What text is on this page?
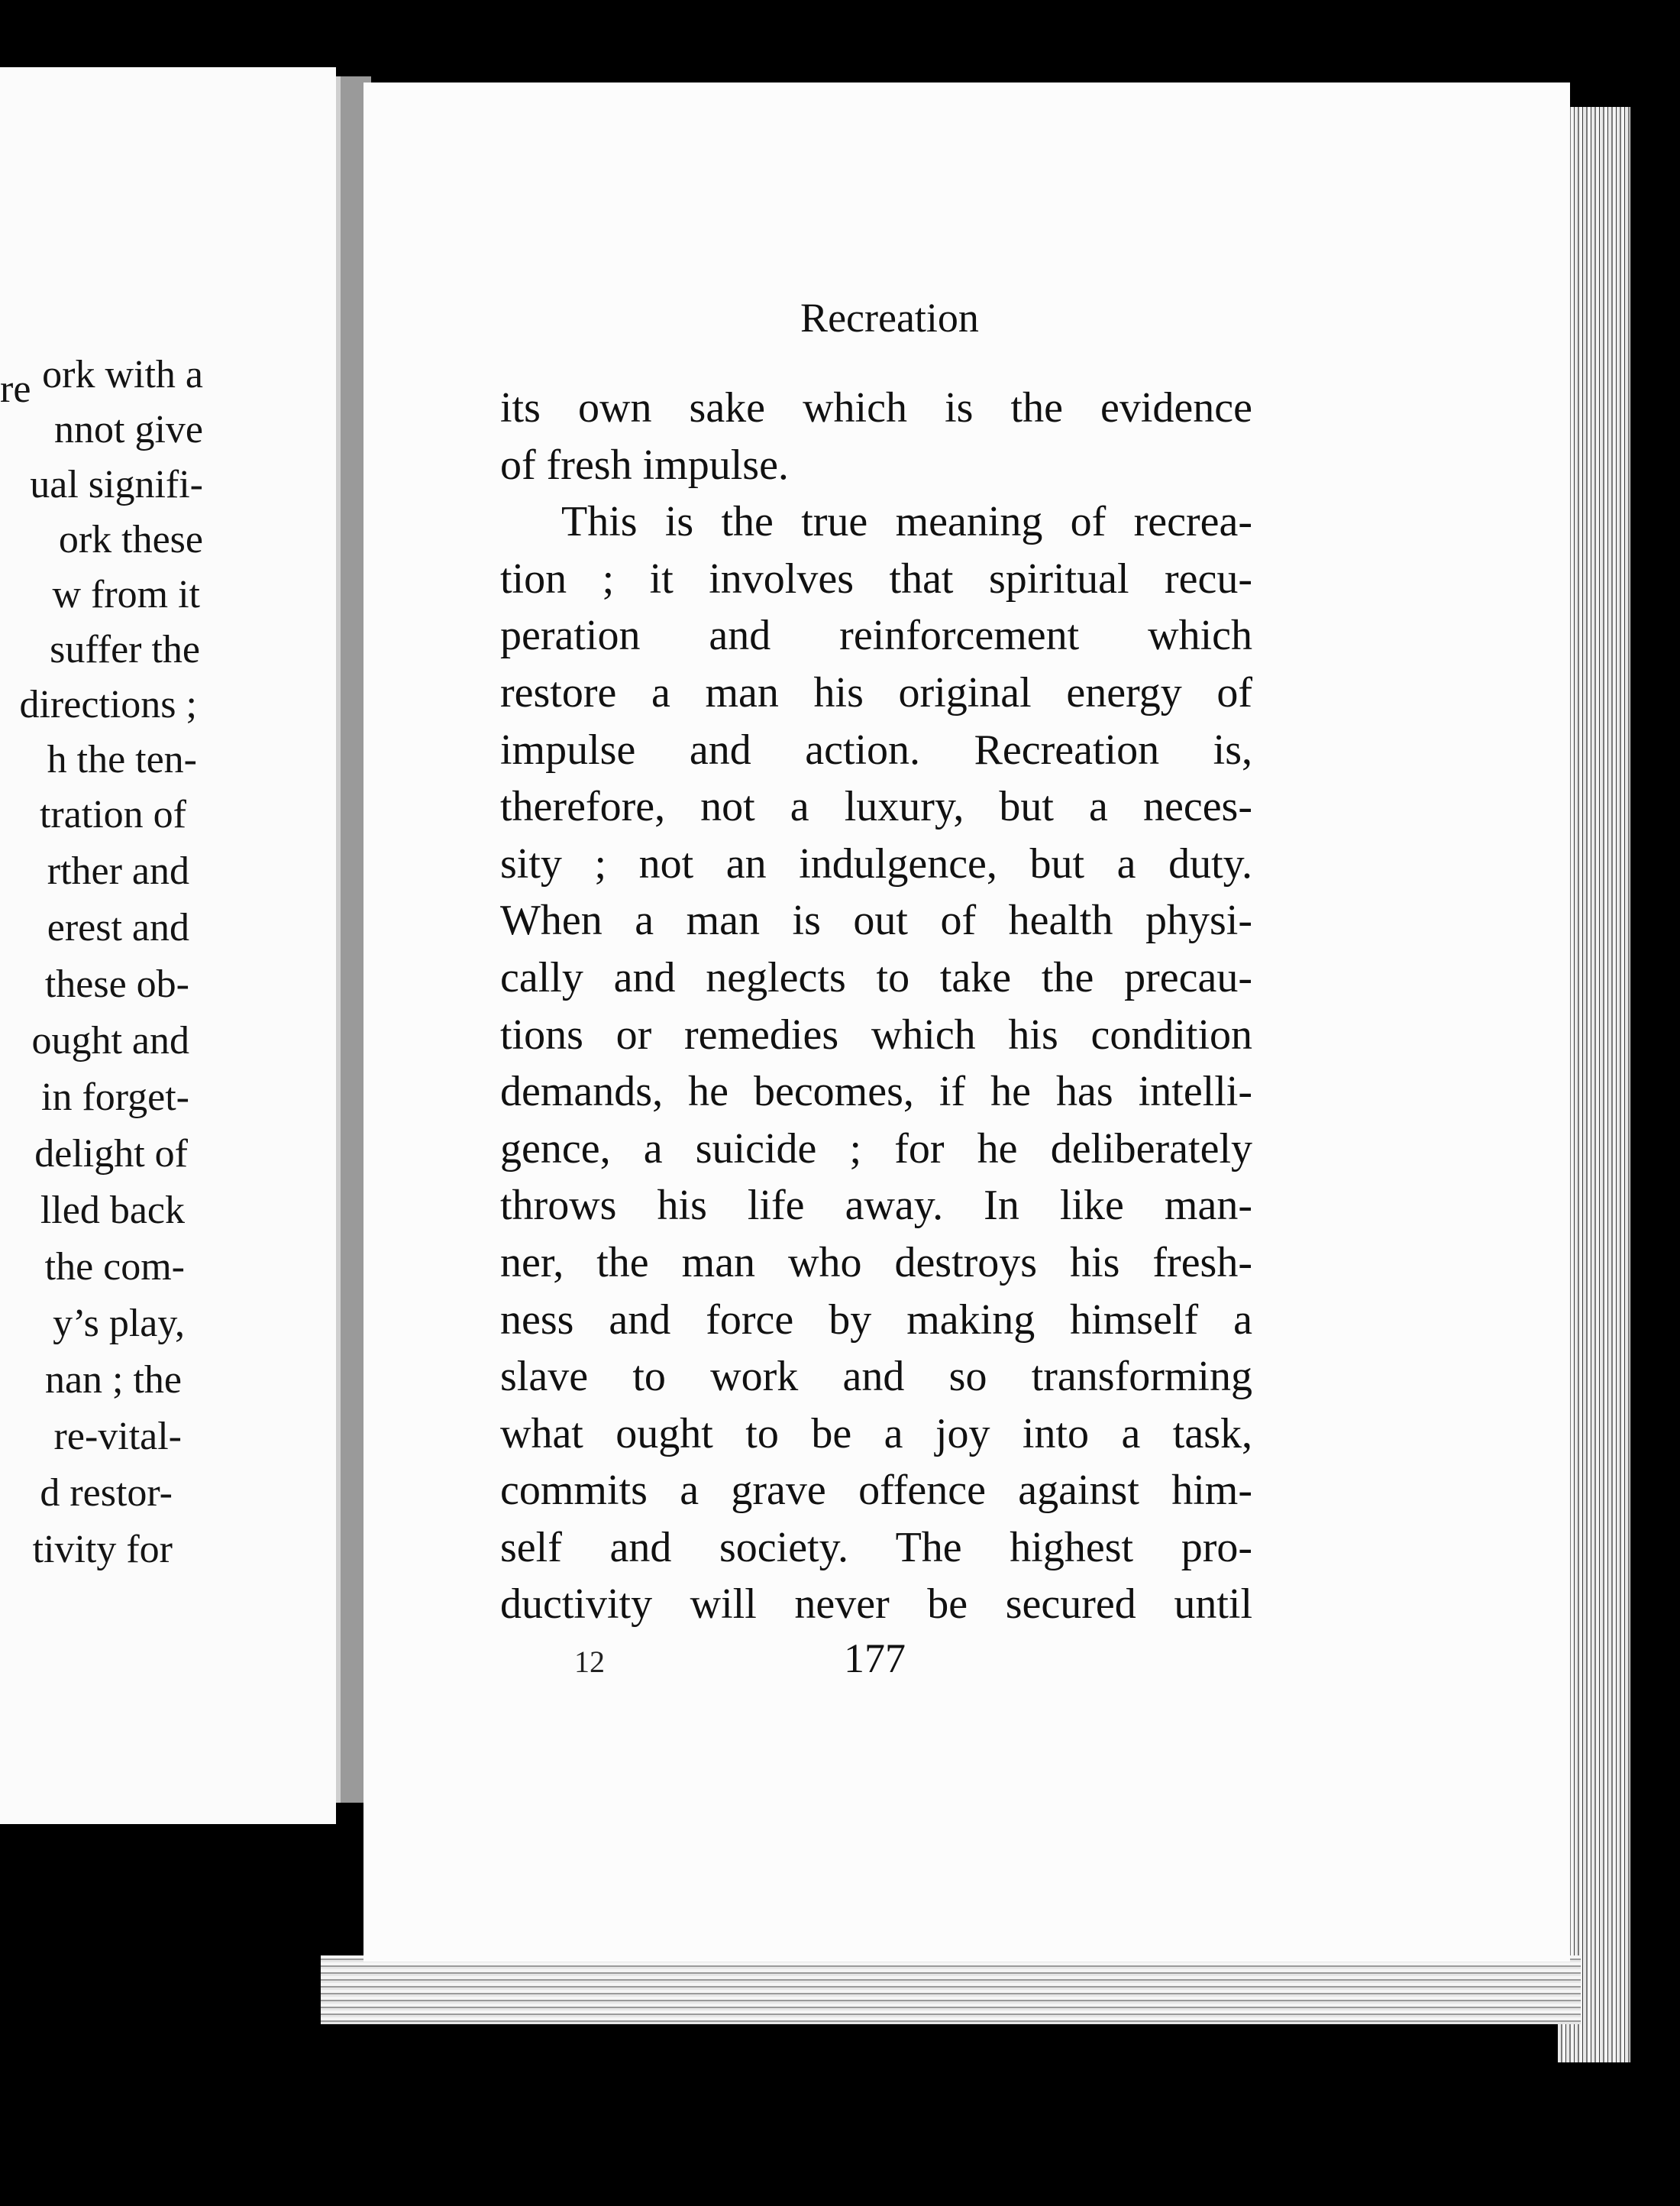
re ork with a
nnot give
ual signifi-
ork these
w from it
suffer the
directions ;
h the ten-
tration of
rther and
erest and
these ob-
ought and
in forget-
delight of
lled back
the com-
y’s play,
nan ; the
re-vital-
d restor-
tivity for
Recreation
its own sake which is the evidence
of fresh impulse.
This is the true meaning of recrea-
tion ; it involves that spiritual recu-
peration and reinforcement which
restore a man his original energy of
impulse and action. Recreation is,
therefore, not a luxury, but a neces-
sity ; not an indulgence, but a duty.
When a man is out of health physi-
cally and neglects to take the precau-
tions or remedies which his condition
demands, he becomes, if he has intelli-
gence, a suicide ; for he deliberately
throws his life away. In like man-
ner, the man who destroys his fresh-
ness and force by making himself a
slave to work and so transforming
what ought to be a joy into a task,
commits a grave offence against him-
self and society. The highest pro-
ductivity will never be secured until
12	177
